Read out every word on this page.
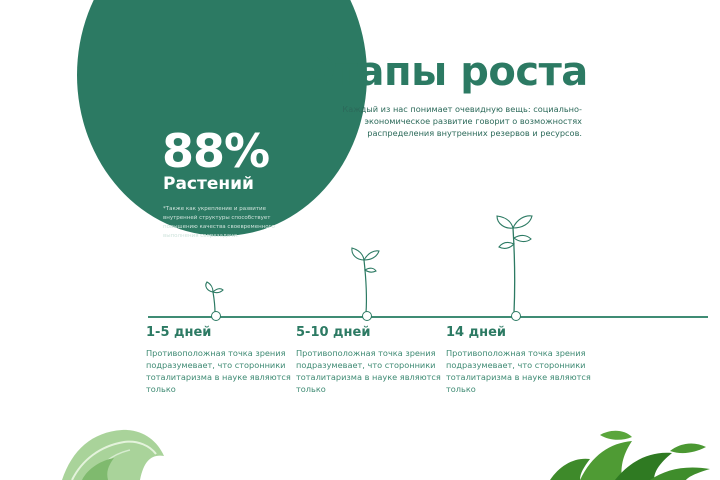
88%
Растений
*Также как укрепление и развитие внутренней структуры способствует повышению качества своевременного выполнения сверхзадачи.
Этапы роста
Каждый из нас понимает очевидную вещь: социально-экономическое развитие говорит о возможностях распределения внутренних резервов и ресурсов.
1-5 дней
Противоположная точка зрения подразумевает, что сторонники тоталитаризма в науке являются только
5-10 дней
Противоположная точка зрения подразумевает, что сторонники тоталитаризма в науке являются только
14 дней
Противоположная точка зрения подразумевает, что сторонники тоталитаризма в науке являются только
